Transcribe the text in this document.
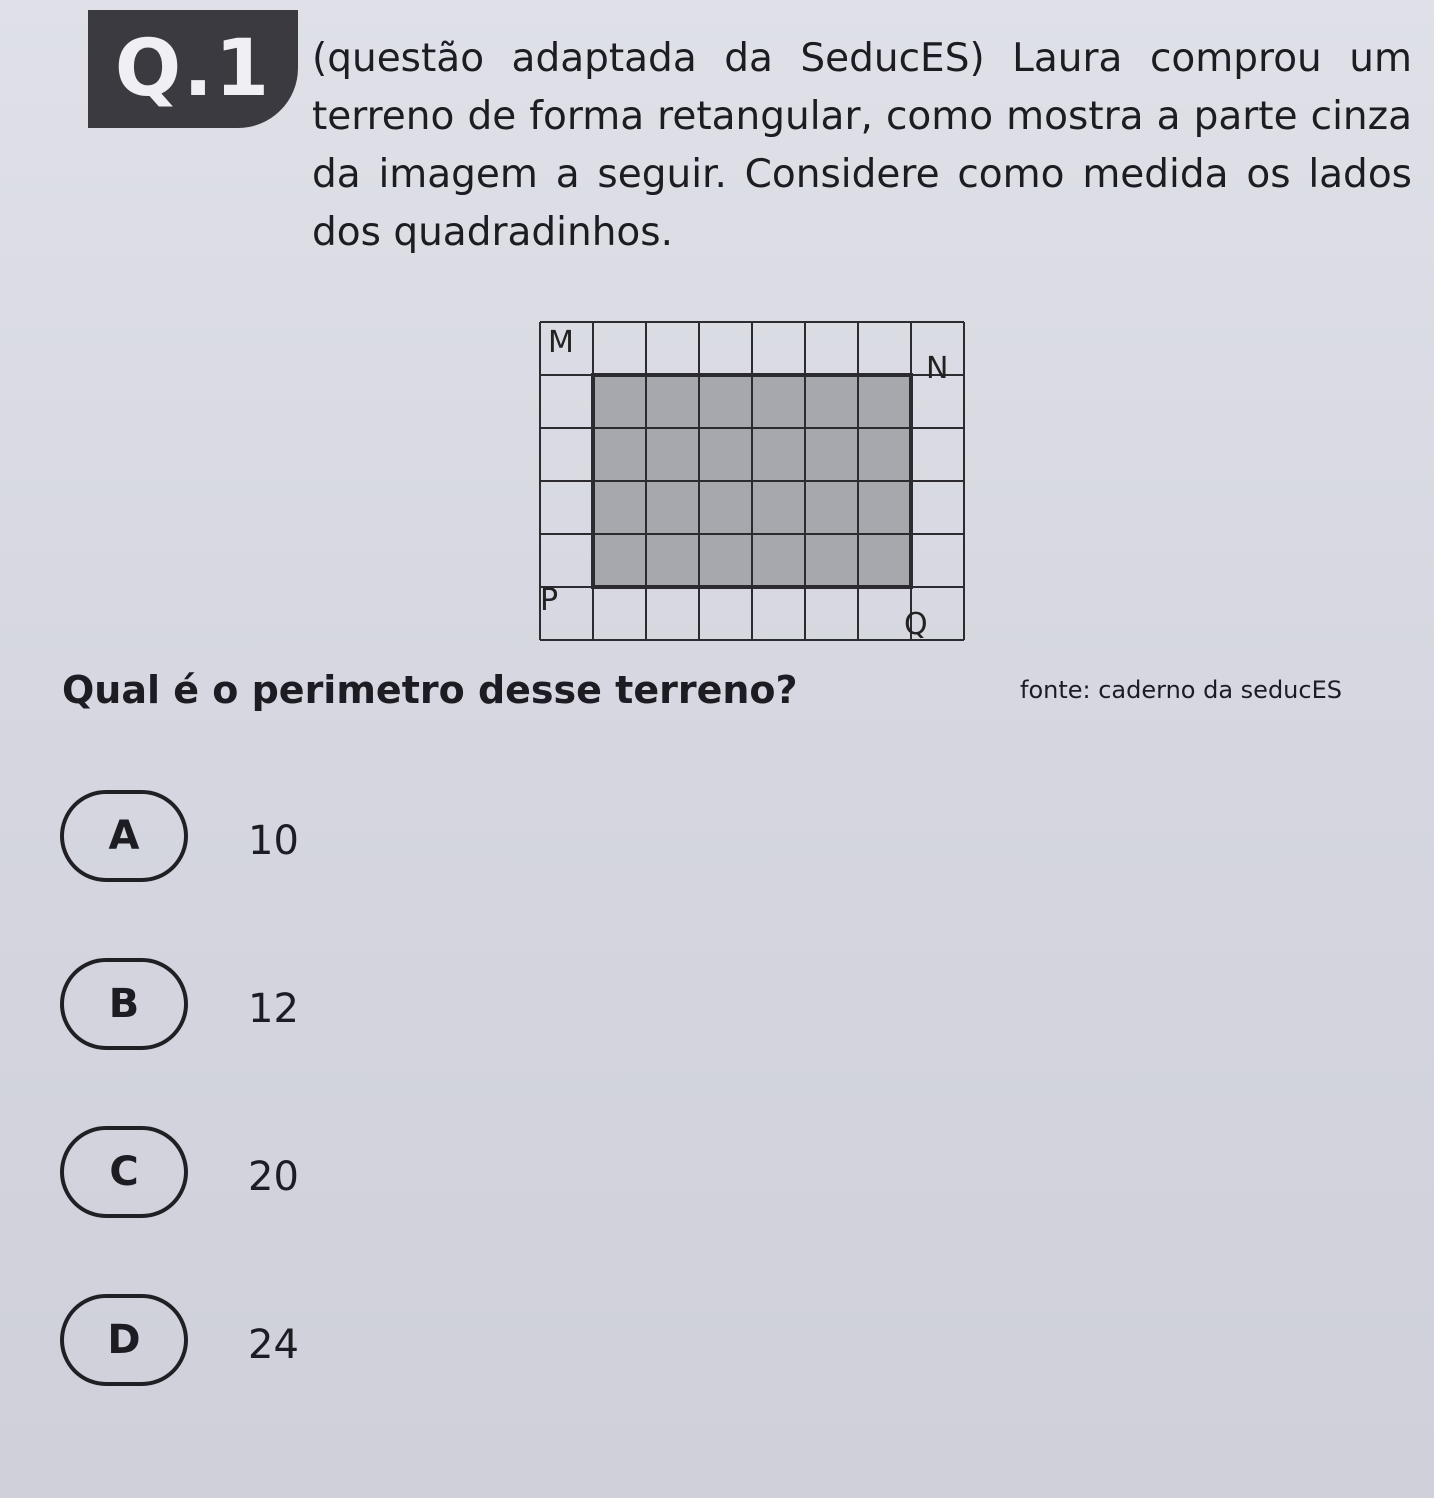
Q.1 (questão adaptada da SeducES) Laura comprou um terreno de forma retangular, como mostra a parte cinza da imagem a seguir. Considere como medida os lados dos quadradinhos.

M
N
P
Q

Qual é o perimetro desse terreno?	fonte: caderno da seducES

A	10
B	12
C	20
D	24
